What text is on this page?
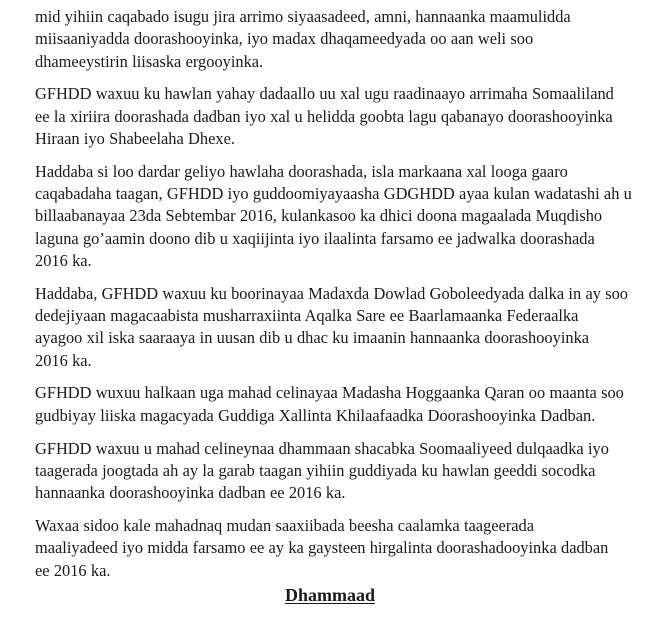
mid yihiin caqabado isugu jira arrimo siyaasadeed, amni, hannaanka maamulidda
miisaaniyadda doorashooyinka, iyo madax dhaqameedyada oo aan weli soo
dhameeystirin liisaska ergooyinka.

GFHDD waxuu ku hawlan yahay dadaallo uu xal ugu raadinaayo arrimaha Somaaliland
ee la xiriira doorashada dadban iyo xal u helidda goobta lagu qabanayo doorashooyinka
Hiraan iyo Shabeelaha Dhexe.

Haddaba si loo dardar geliyo hawlaha doorashada, isla markaana xal looga gaaro
caqabadaha taagan, GFHDD iyo guddoomiyayaasha GDGHDD ayaa kulan wadatashi ah u
billaabanayaa 23da Sebtembar 2016, kulankasoo ka dhici doona magaalada Muqdisho
laguna go’aamin doono dib u xaqiijinta iyo ilaalinta farsamo ee jadwalka doorashada
2016 ka.

Haddaba, GFHDD waxuu ku boorinayaa Madaxda Dowlad Goboleedyada dalka in ay soo
dedejiyaan magacaabista musharraxiinta Aqalka Sare ee Baarlamaanka Federaalka
ayagoo xil iska saaraaya in uusan dib u dhac ku imaanin hannaanka doorashooyinka
2016 ka.

GFHDD wuxuu halkaan uga mahad celinayaa Madasha Hoggaanka Qaran oo maanta soo
gudbiyay liiska magacyada Guddiga Xallinta Khilaafaadka Doorashooyinka Dadban.

GFHDD waxuu u mahad celineynaa dhammaan shacabka Soomaaliyeed dulqaadka iyo
taagerada joogtada ah ay la garab taagan yihiin guddiyada ku hawlan geeddi socodka
hannaanka doorashooyinka dadban ee 2016 ka.

Waxaa sidoo kale mahadnaq mudan saaxiibada beesha caalamka taageerada
maaliyadeed iyo midda farsamo ee ay ka gaysteen hirgalinta doorashadooyinka dadban
ee 2016 ka.

Dhammaad
